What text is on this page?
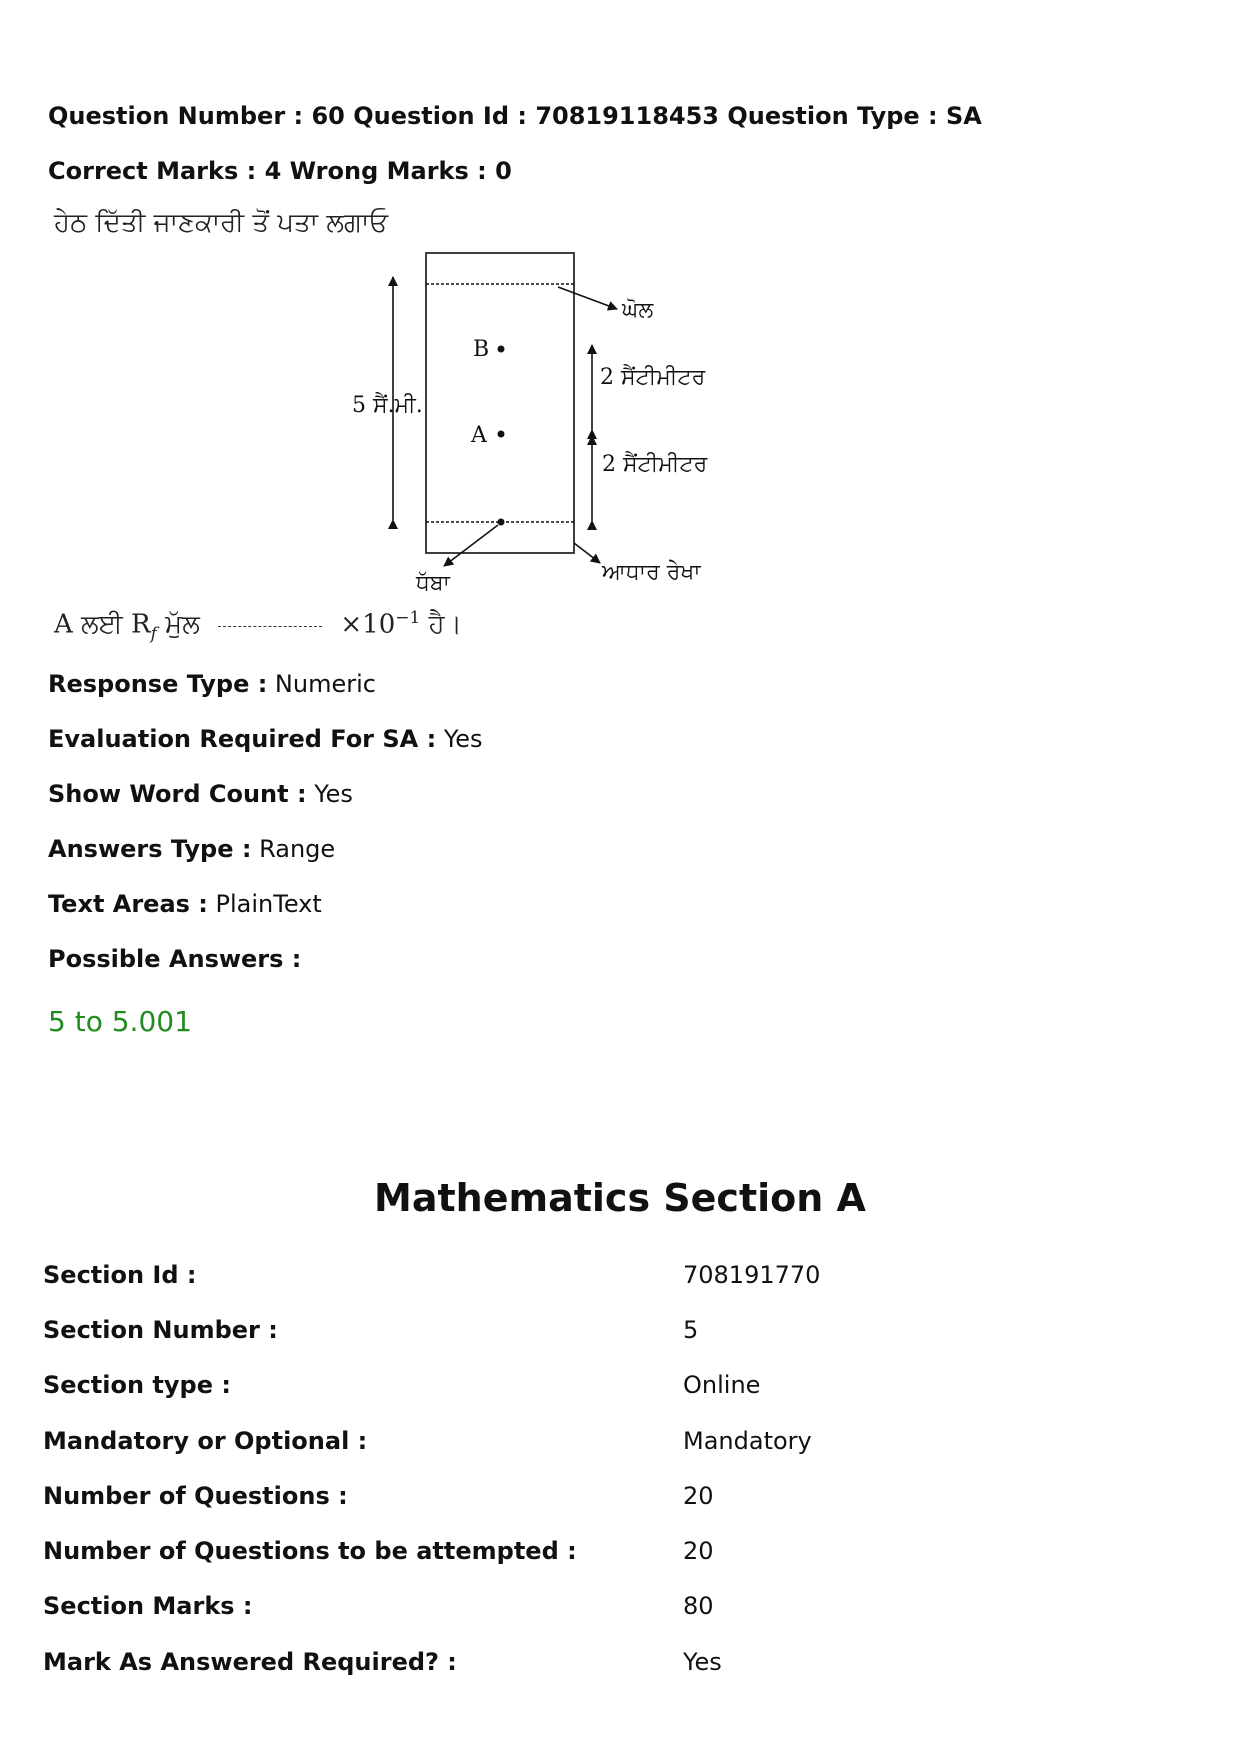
Question Number : 60 Question Id : 70819118453 Question Type : SA
Correct Marks : 4 Wrong Marks : 0
ਹੇਠ ਦਿੱਤੀ ਜਾਣਕਾਰੀ ਤੋਂ ਪਤਾ ਲਗਾਓ
B
A
5 ਸੈਂ.ਮੀ.
2 ਸੈਂਟੀਮੀਟਰ
2 ਸੈਂਟੀਮੀਟਰ
ਘੋਲ
ਧੱਬਾ	ਆਧਾਰ ਰੇਖਾ
A ਲਈ $R_f$ ਮੁੱਲ	$\times 10^{-1}$ ਹੈ।
Response Type : Numeric
Evaluation Required For SA : Yes
Show Word Count : Yes
Answers Type : Range
Text Areas : PlainText
Possible Answers :
5 to 5.001
Mathematics Section A
Section Id :	708191770
Section Number :	5
Section type :	Online
Mandatory or Optional :	Mandatory
Number of Questions :	20
Number of Questions to be attempted :	20
Section Marks :	80
Mark As Answered Required? :	Yes
